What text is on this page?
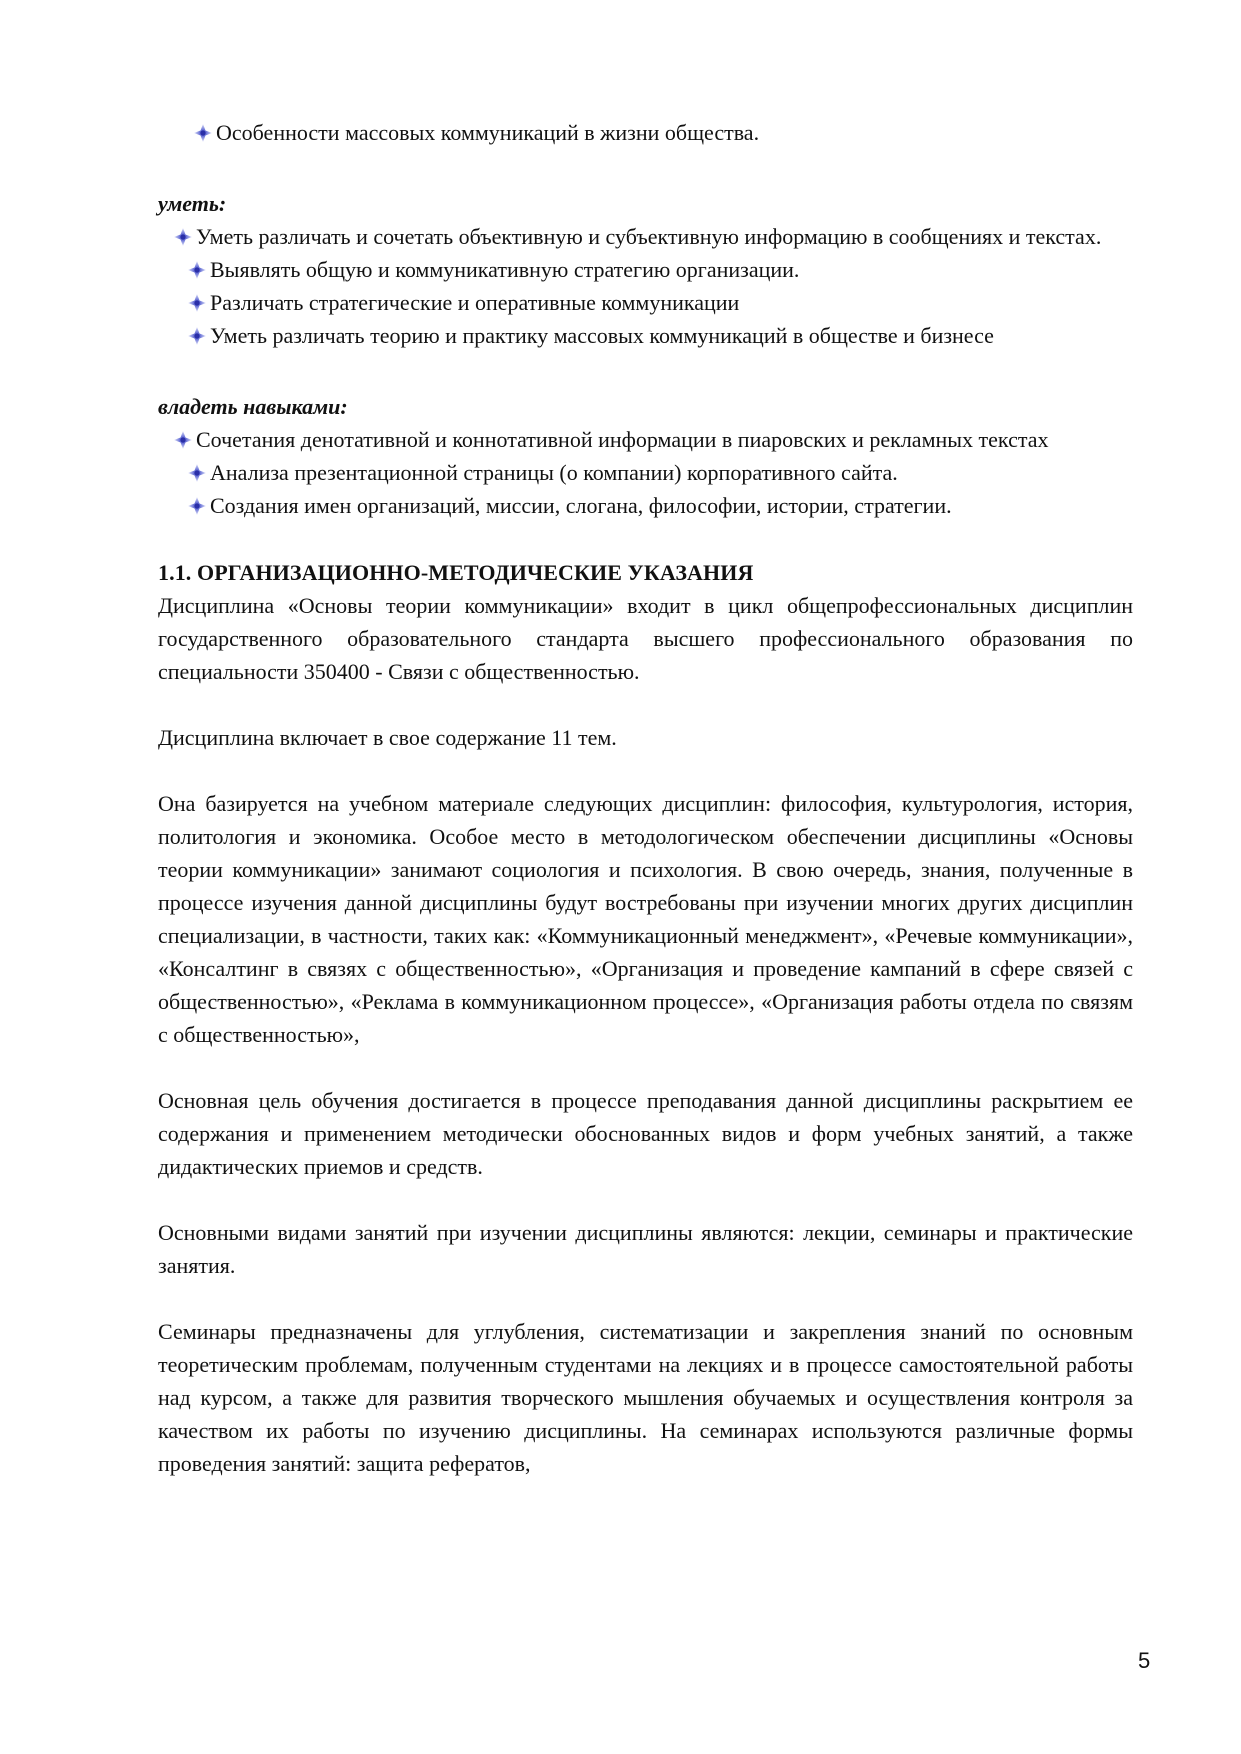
Особенности массовых коммуникаций в жизни общества.

уметь:

Уметь различать и сочетать объективную и субъективную информацию в сообщениях и текстах.
Выявлять общую и коммуникативную стратегию организации.
Различать стратегические и оперативные коммуникации
Уметь различать теорию и практику массовых коммуникаций в обществе и бизнесе

владеть навыками:

Сочетания денотативной и коннотативной информации в пиаровских и рекламных текстах
Анализа презентационной страницы (о компании) корпоративного сайта.
Создания имен организаций, миссии, слогана, философии, истории, стратегии.

1.1. ОРГАНИЗАЦИОННО-МЕТОДИЧЕСКИЕ УКАЗАНИЯ

Дисциплина «Основы теории коммуникации» входит в цикл общепрофессиональных дисциплин государственного образовательного стандарта высшего профессионального образования по специальности 350400 - Связи с общественностью.

Дисциплина включает в свое содержание 11 тем.

Она базируется на учебном материале следующих дисциплин: философия, культурология, история, политология и экономика. Особое место в методологическом обеспечении дисциплины «Основы теории коммуникации» занимают социология и психология. В свою очередь, знания, полученные в процессе изучения данной дисциплины будут востребованы при изучении многих других дисциплин специализации, в частности, таких как: «Коммуникационный менеджмент», «Речевые коммуникации», «Консалтинг в связях с общественностью», «Организация и проведение кампаний в сфере связей с общественностью», «Реклама в коммуникационном процессе», «Организация работы отдела по связям с общественностью»,

Основная цель обучения достигается в процессе преподавания данной дисциплины раскрытием ее содержания и применением методически обоснованных видов и форм учебных занятий, а также дидактических приемов и средств.

Основными видами занятий при изучении дисциплины являются: лекции, семинары и практические занятия.

Семинары предназначены для углубления, систематизации и закрепления знаний по основным теоретическим проблемам, полученным студентами на лекциях и в процессе самостоятельной работы над курсом, а также для развития творческого мышления обучаемых и осуществления контроля за качеством их работы по изучению дисциплины. На семинарах используются различные формы проведения занятий: защита рефератов,

5
